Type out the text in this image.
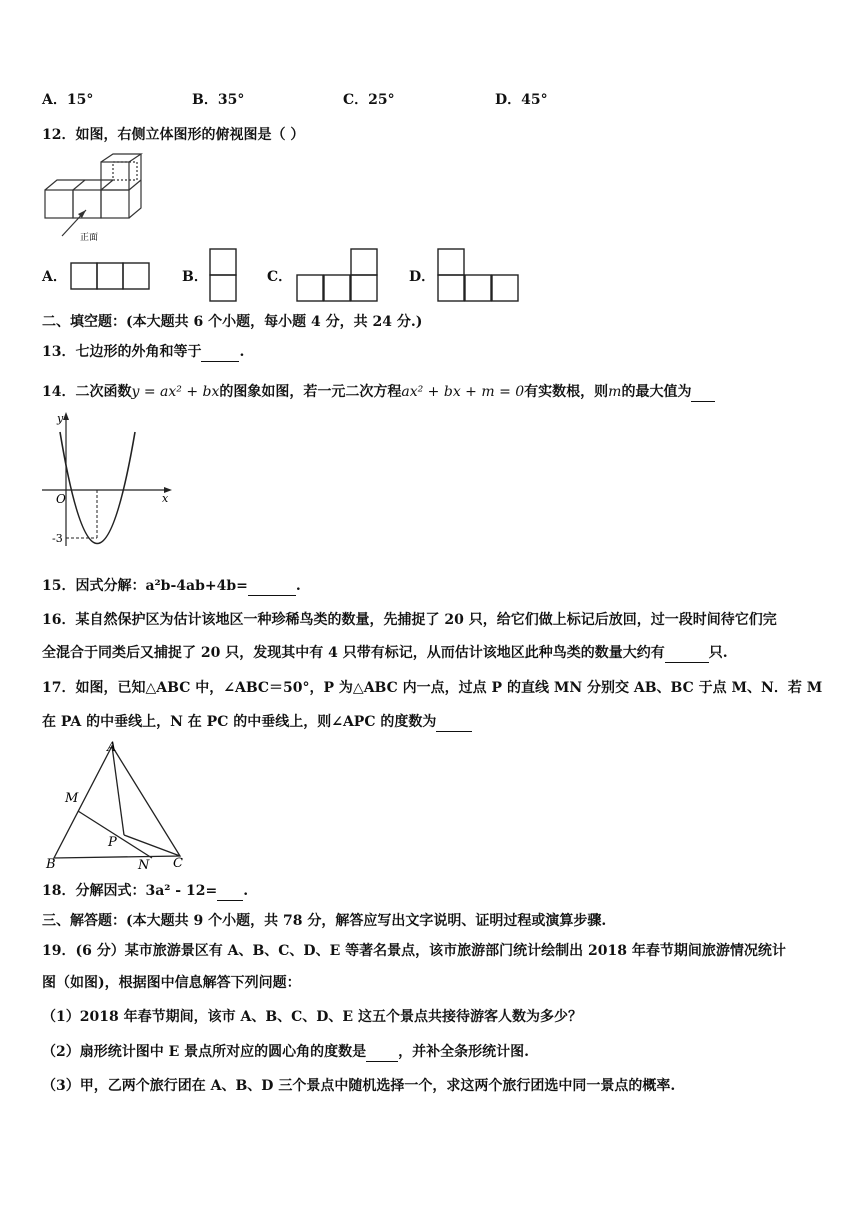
A．15°	B．35°	C．25°	D．45°
12．如图，右侧立体图形的俯视图是（ ）
正面
A．	B．	C．	D．
二、填空题：(本大题共 6 个小题，每小题 4 分，共 24 分.)
13．七边形的外角和等于	.
14．二次函数y = ax² + bx的图象如图，若一元二次方程ax² + bx + m = 0有实数根，则m的最大值为
y
x
O
-3
15．因式分解：a²b-4ab+4b=	.
16．某自然保护区为估计该地区一种珍稀鸟类的数量，先捕捉了 20 只，给它们做上标记后放回，过一段时间待它们完
全混合于同类后又捕捉了 20 只，发现其中有 4 只带有标记，从而估计该地区此种鸟类的数量大约有	只.
17．如图，已知△ABC 中，∠ABC＝50°，P 为△ABC 内一点，过点 P 的直线 MN 分别交 AB、BC 于点 M、N．若 M
在 PA 的中垂线上，N 在 PC 的中垂线上，则∠APC 的度数为
A
M
P
B	N C
18．分解因式：3a² - 12= .
三、解答题：(本大题共 9 个小题，共 78 分，解答应写出文字说明、证明过程或演算步骤.
19．(6 分）某市旅游景区有 A、B、C、D、E 等著名景点，该市旅游部门统计绘制出 2018 年春节期间旅游情况统计
图（如图)，根据图中信息解答下列问题：
（1）2018 年春节期间，该市 A、B、C、D、E 这五个景点共接待游客人数为多少？
（2）扇形统计图中 E 景点所对应的圆心角的度数是 ，并补全条形统计图.
（3）甲，乙两个旅行团在 A、B、D 三个景点中随机选择一个，求这两个旅行团选中同一景点的概率.
